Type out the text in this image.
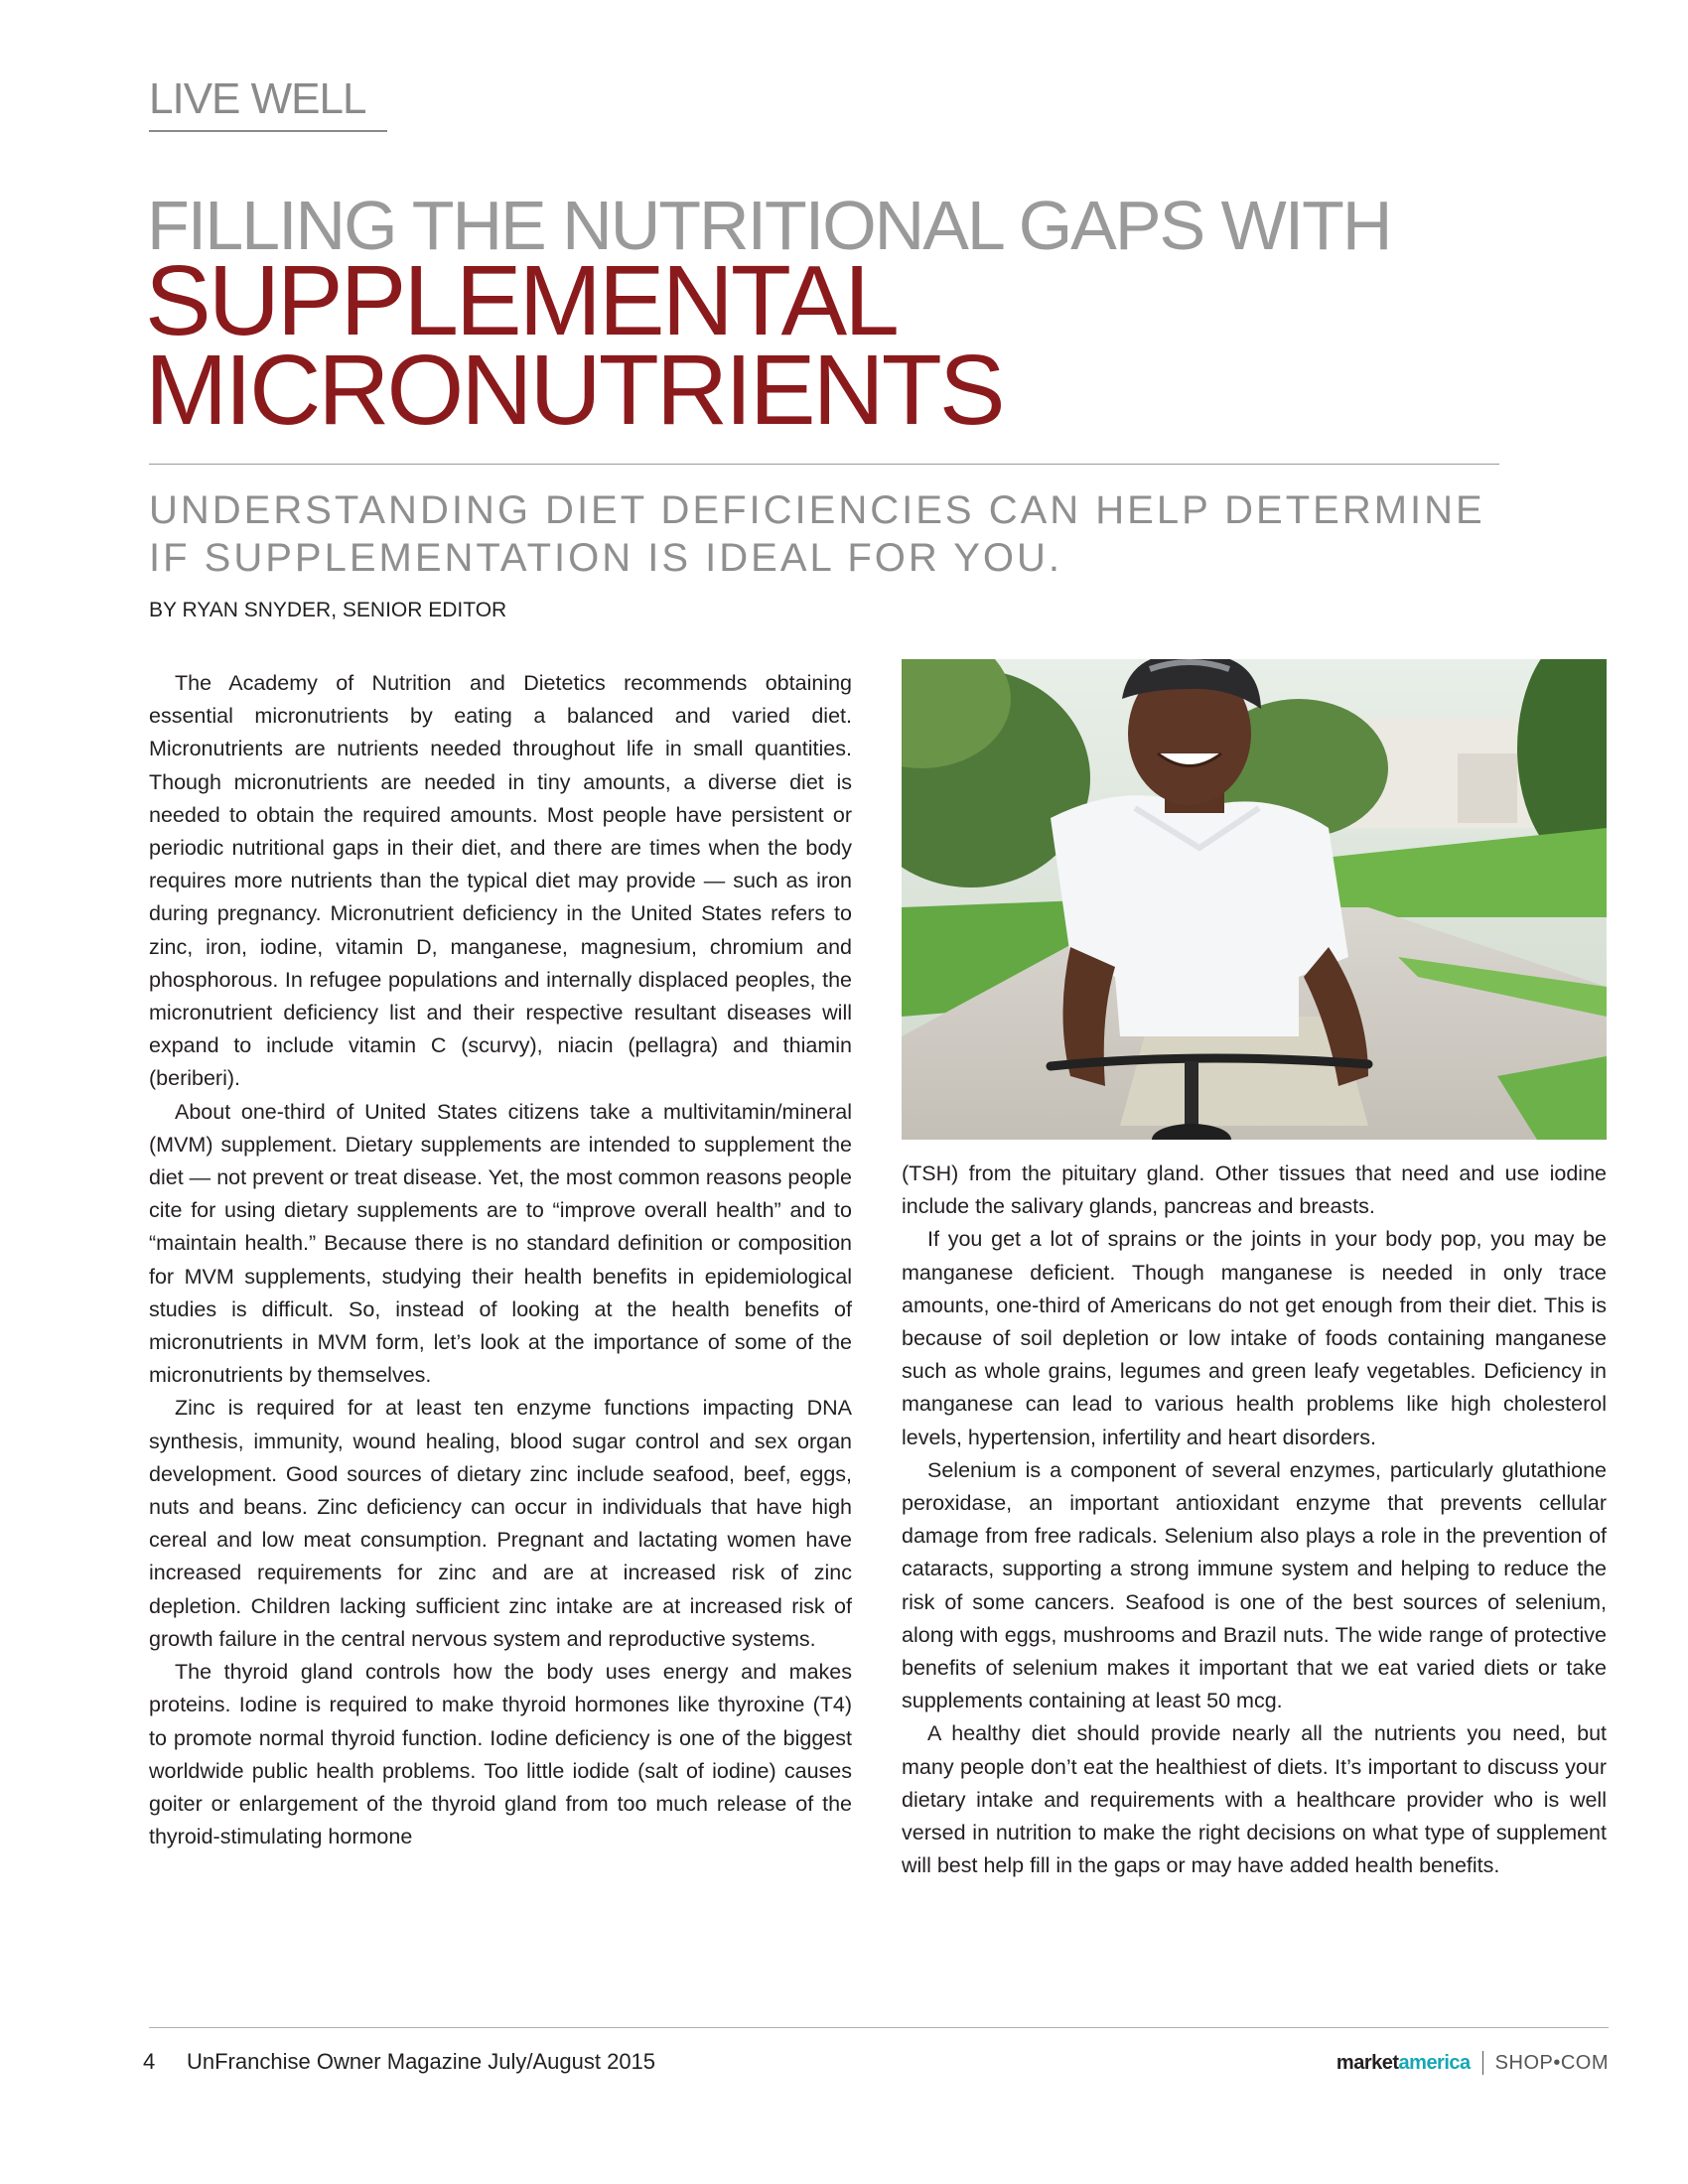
LIVE WELL
FILLING THE NUTRITIONAL GAPS WITH
SUPPLEMENTAL
MICRONUTRIENTS
UNDERSTANDING DIET DEFICIENCIES CAN HELP DETERMINE
IF SUPPLEMENTATION IS IDEAL FOR YOU.
BY RYAN SNYDER, SENIOR EDITOR

The Academy of Nutrition and Dietetics recommends obtaining essential micronutrients by eating a balanced and varied diet. Micronutrients are nutrients needed throughout life in small quantities. Though micronutrients are needed in tiny amounts, a diverse diet is needed to obtain the required amounts. Most people have persistent or periodic nutritional gaps in their diet, and there are times when the body requires more nutrients than the typical diet may provide — such as iron during pregnancy. Micronutrient deficiency in the United States refers to zinc, iron, iodine, vitamin D, manganese, magnesium, chromium and phosphorous. In refugee populations and internally displaced peoples, the micronutrient deficiency list and their respective resultant diseases will expand to include vitamin C (scurvy), niacin (pellagra) and thiamin (beriberi).

About one-third of United States citizens take a multivitamin/mineral (MVM) supplement. Dietary supplements are intended to supplement the diet — not prevent or treat disease. Yet, the most common reasons people cite for using dietary supplements are to “improve overall health” and to “maintain health.” Because there is no standard definition or composition for MVM supplements, studying their health benefits in epidemiological studies is difficult. So, instead of looking at the health benefits of micronutrients in MVM form, let’s look at the importance of some of the micronutrients by themselves.

Zinc is required for at least ten enzyme functions impacting DNA synthesis, immunity, wound healing, blood sugar control and sex organ development. Good sources of dietary zinc include seafood, beef, eggs, nuts and beans. Zinc deficiency can occur in individuals that have high cereal and low meat consumption. Pregnant and lactating women have increased requirements for zinc and are at increased risk of zinc depletion. Children lacking sufficient zinc intake are at increased risk of growth failure in the central nervous system and reproductive systems.

The thyroid gland controls how the body uses energy and makes proteins. Iodine is required to make thyroid hormones like thyroxine (T4) to promote normal thyroid function. Iodine deficiency is one of the biggest worldwide public health problems. Too little iodide (salt of iodine) causes goiter or enlargement of the thyroid gland from too much release of the thyroid-stimulating hormone

(TSH) from the pituitary gland. Other tissues that need and use iodine include the salivary glands, pancreas and breasts.

If you get a lot of sprains or the joints in your body pop, you may be manganese deficient. Though manganese is needed in only trace amounts, one-third of Americans do not get enough from their diet. This is because of soil depletion or low intake of foods containing manganese such as whole grains, legumes and green leafy vegetables. Deficiency in manganese can lead to various health problems like high cholesterol levels, hypertension, infertility and heart disorders.

Selenium is a component of several enzymes, particularly glutathione peroxidase, an important antioxidant enzyme that prevents cellular damage from free radicals. Selenium also plays a role in the prevention of cataracts, supporting a strong immune system and helping to reduce the risk of some cancers. Seafood is one of the best sources of selenium, along with eggs, mushrooms and Brazil nuts. The wide range of protective benefits of selenium makes it important that we eat varied diets or take supplements containing at least 50 mcg.

A healthy diet should provide nearly all the nutrients you need, but many people don’t eat the healthiest of diets. It’s important to discuss your dietary intake and requirements with a healthcare provider who is well versed in nutrition to make the right decisions on what type of supplement will best help fill in the gaps or may have added health benefits.

4 UnFranchise Owner Magazine July/August 2015	marketamerica SHOP•COM
